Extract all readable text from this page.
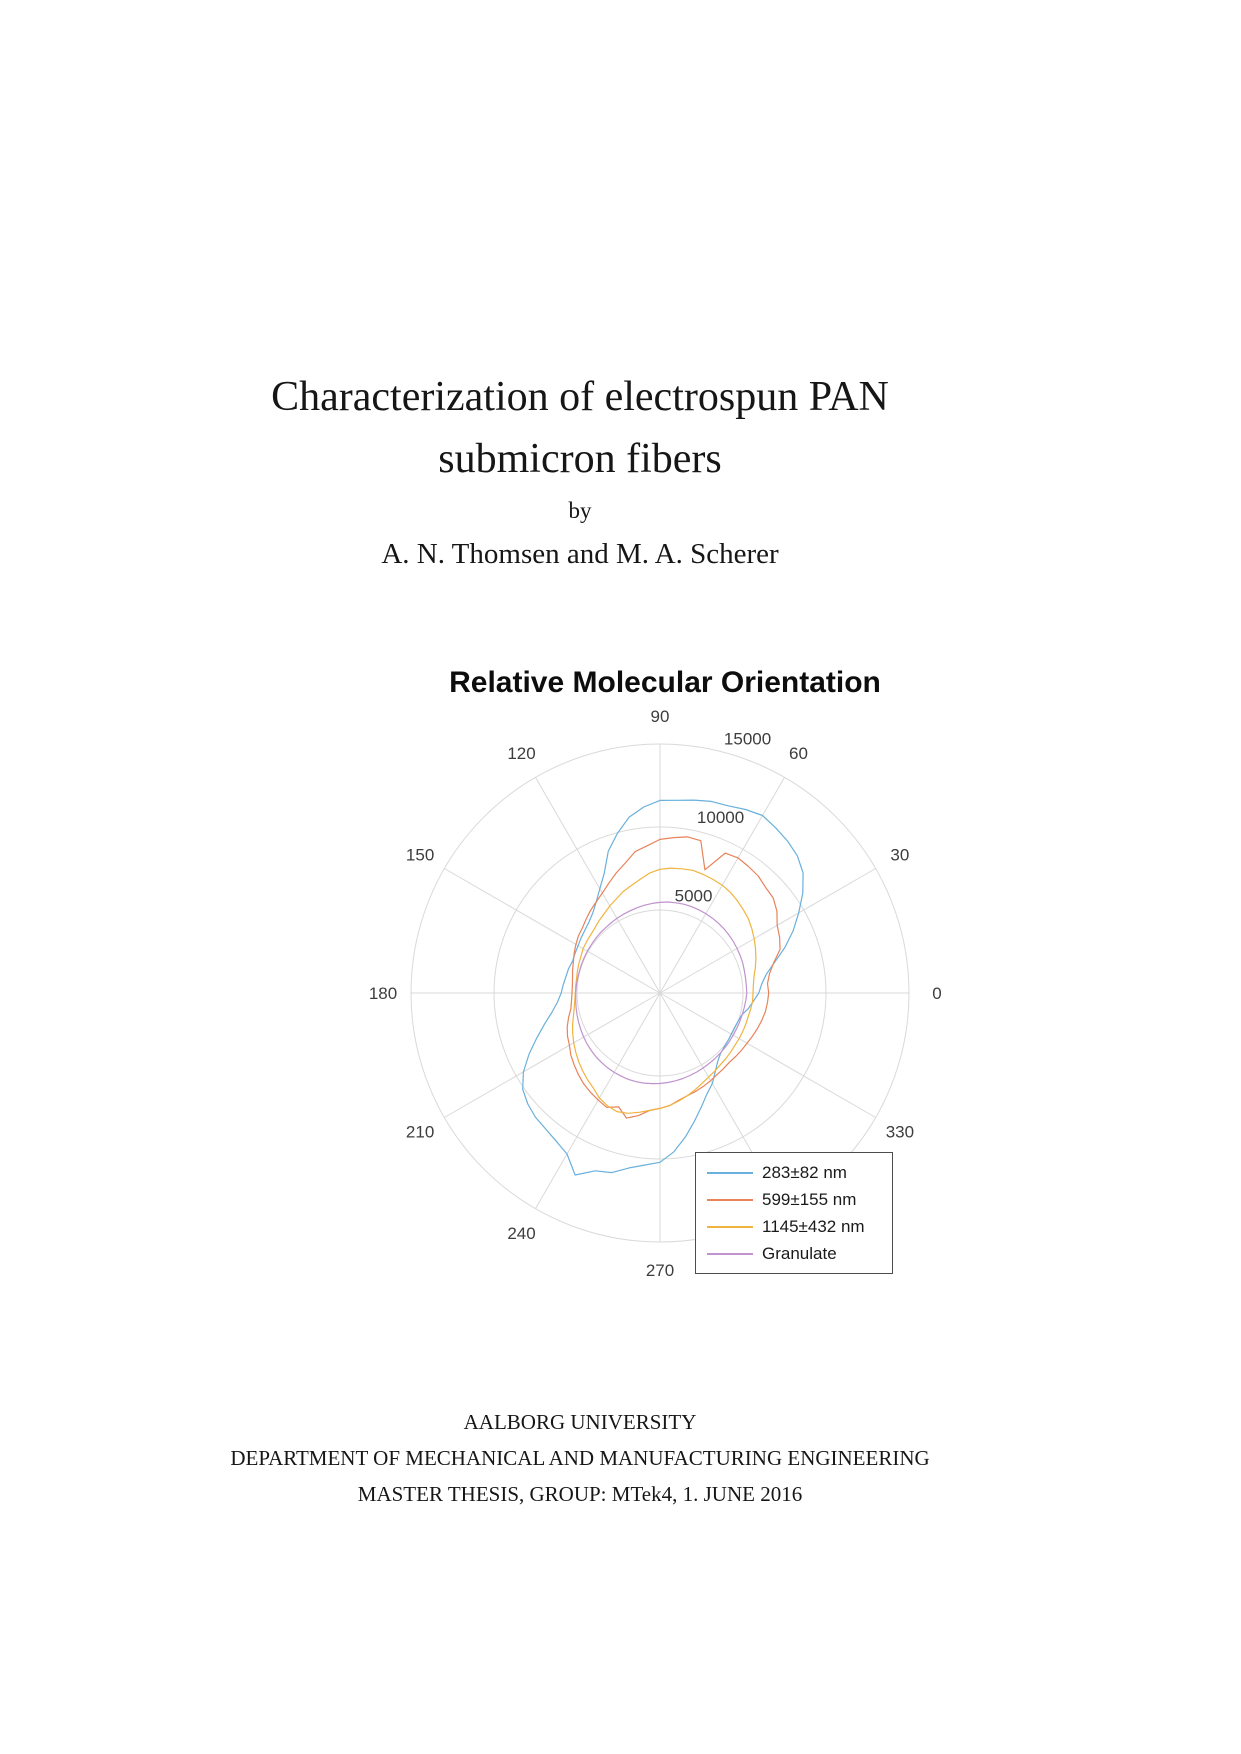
Characterization of electrospun PAN
submicron fibers
by
A. N. Thomsen and M. A. Scherer
Relative Molecular Orientation
0
30
60
90
120
150
180
210
240
270
330
5000
10000
15000
283±82 nm
599±155 nm
1145±432 nm
Granulate
AALBORG UNIVERSITY
DEPARTMENT OF MECHANICAL AND MANUFACTURING ENGINEERING
MASTER THESIS, GROUP: MTek4, 1. JUNE 2016
